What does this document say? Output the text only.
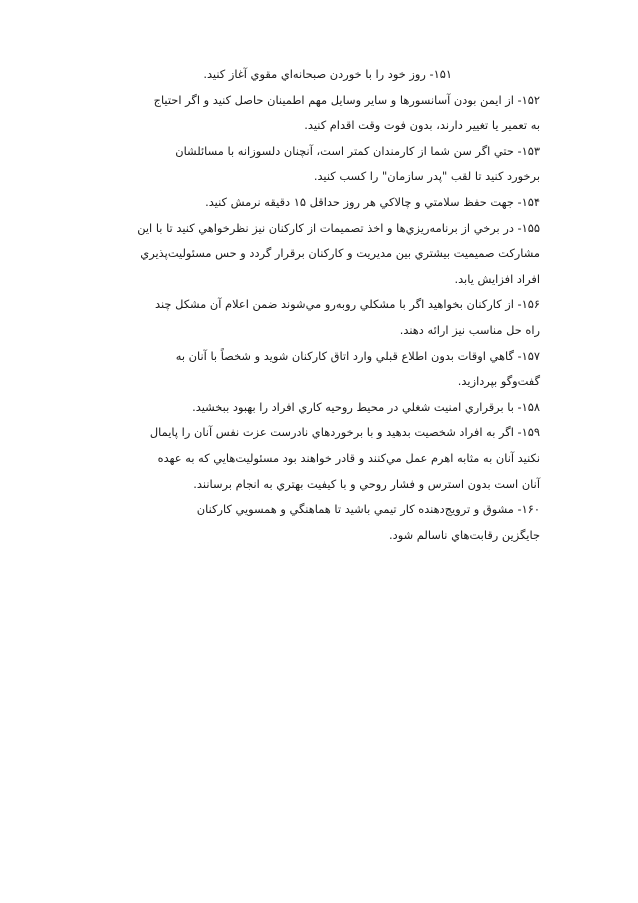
۱۵۱- روز خود را با خوردن صبحانه‌اي مقوي آغاز كنيد.
۱۵۲- از ايمن بودن آسانسورها و ساير وسايل مهم اطمينان حاصل كنيد و اگر احتياج
به تعمير يا تغيير دارند، بدون فوت وقت اقدام كنيد.
۱۵۳- حتي اگر سن شما از كارمندان كمتر است، آنچنان دلسوزانه با مسائلشان
برخورد كنيد تا لقب "پدر سازمان" را كسب كنيد.
۱۵۴- جهت حفظ سلامتي و چالاكي هر روز حداقل ۱۵ دقيقه نرمش كنيد.
۱۵۵- در برخي از برنامه‌ريزي‌ها و اخذ تصميمات از كاركنان نيز نظرخواهي كنيد تا با اين
مشاركت صميميت بيشتري بين مديريت و كاركنان برقرار گردد و حس مسئوليت‌پذيري
افراد افزايش يابد.
۱۵۶- از كاركنان بخواهيد اگر با مشكلي روبه‌رو مي‌شوند ضمن اعلام آن مشكل چند
راه حل مناسب نيز ارائه دهند.
۱۵۷- گاهي اوقات بدون اطلاع قبلي وارد اتاق كاركنان شويد و شخصاً با آنان به
گفت‌وگو بپردازيد.
۱۵۸- با برقراري امنيت شغلي در محيط روحيه كاري افراد را بهبود ببخشيد.
۱۵۹- اگر به افراد شخصيت بدهيد و با برخوردهاي نادرست عزت نفس آنان را پايمال
نكنيد آنان به مثابه اهرم عمل مي‌كنند و قادر خواهند بود مسئوليت‌هايي كه به عهده
آنان است بدون استرس و فشار روحي و با كيفيت بهتري به انجام برسانند.
۱۶۰- مشوق و ترويج‌دهنده كار تيمي باشيد تا هماهنگي و همسويي كاركنان
جايگزين رقابت‌هاي ناسالم شود.
